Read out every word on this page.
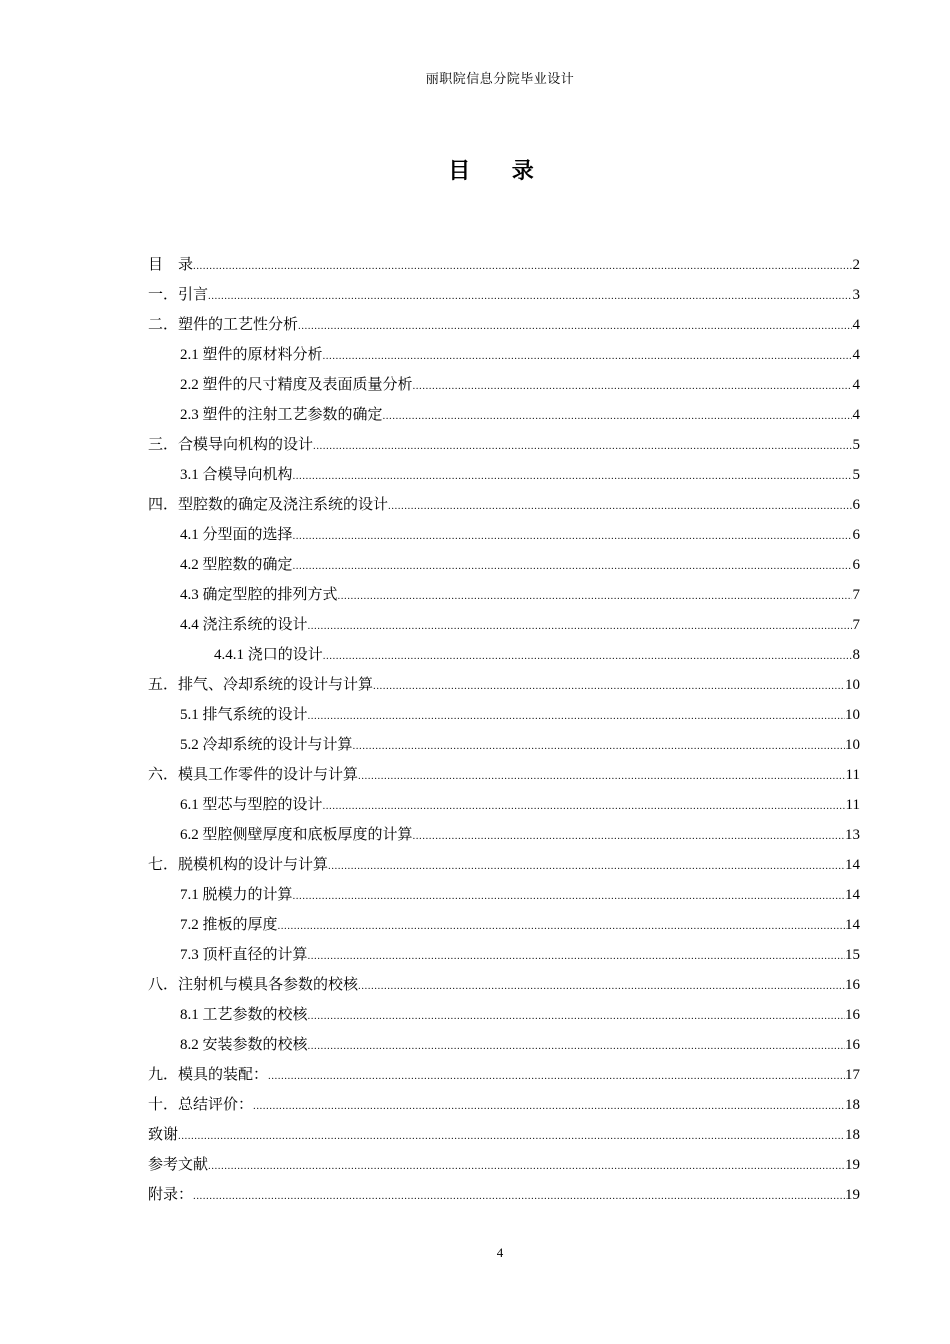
丽职院信息分院毕业设计
目 录
目    录 .....	2
一．引言 .....	3
二．塑件的工艺性分析 .....	4
2.1 塑件的原材料分析 .....	4
2.2 塑件的尺寸精度及表面质量分析 .....	4
2.3 塑件的注射工艺参数的确定 .....	4
三．合模导向机构的设计 .....	5
3.1 合模导向机构 .....	5
四．型腔数的确定及浇注系统的设计 .....	6
4.1 分型面的选择 .....	6
4.2 型腔数的确定 .....	6
4.3 确定型腔的排列方式 .....	7
4.4 浇注系统的设计 .....	7
4.4.1 浇口的设计 .....	8
五．排气、冷却系统的设计与计算 .....	10
5.1 排气系统的设计 .....	10
5.2 冷却系统的设计与计算 .....	10
六．模具工作零件的设计与计算 .....	11
6.1 型芯与型腔的设计 .....	11
6.2 型腔侧壁厚度和底板厚度的计算 .....	13
七．脱模机构的设计与计算 .....	14
7.1 脱模力的计算 .....	14
7.2 推板的厚度 .....	14
7.3 顶杆直径的计算 .....	15
八．注射机与模具各参数的校核 .....	16
8.1 工艺参数的校核 .....	16
8.2 安装参数的校核 .....	16
九．模具的装配： .....	17
十．总结评价： .....	18
致谢 .....	18
参考文献 .....	19
附录： .....	19
4
